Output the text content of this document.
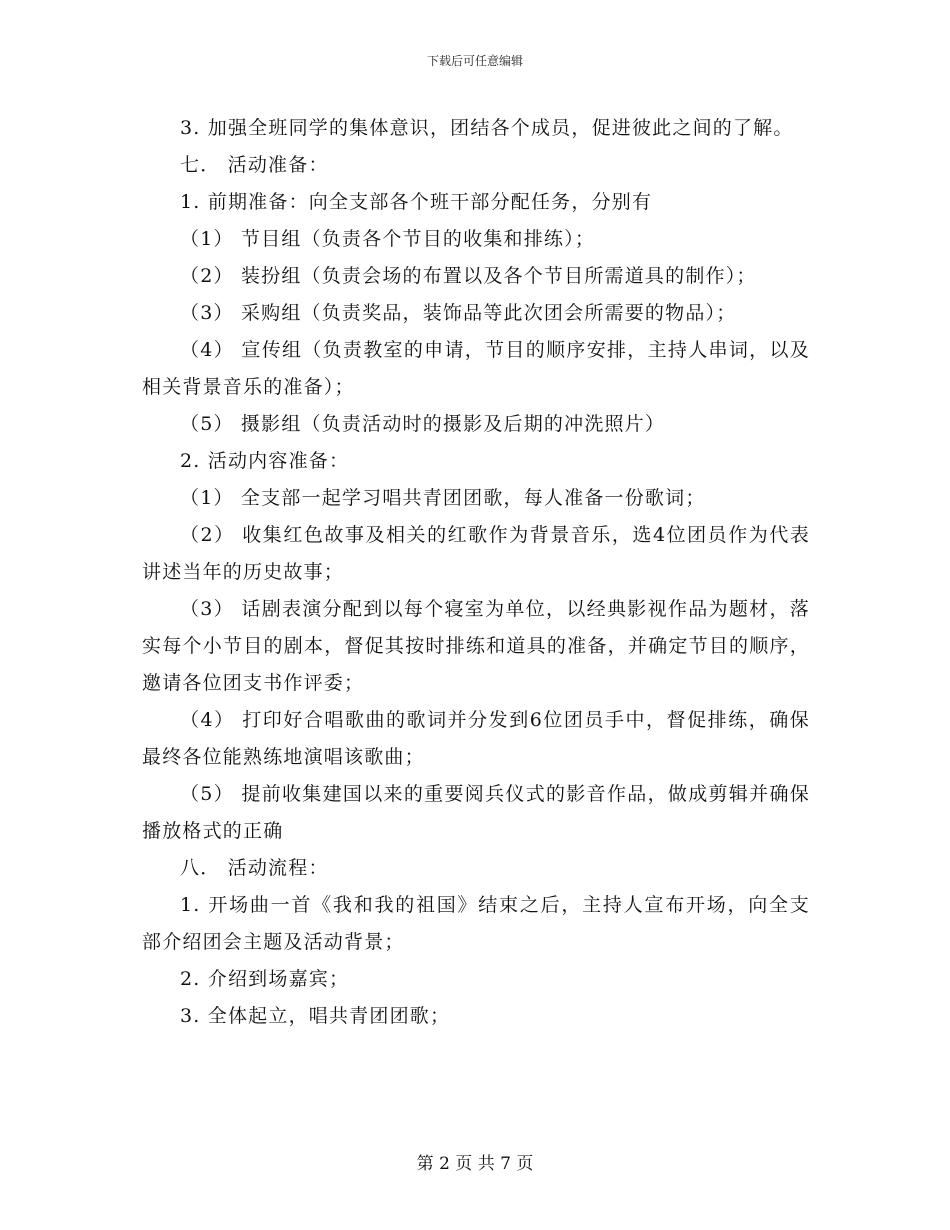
下载后可任意编辑

3. 加强全班同学的集体意识，团结各个成员，促进彼此之间的了解。

七． 活动准备：

1. 前期准备：向全支部各个班干部分配任务，分别有

（1） 节目组（负责各个节目的收集和排练）；

（2） 装扮组（负责会场的布置以及各个节目所需道具的制作）；

（3） 采购组（负责奖品，装饰品等此次团会所需要的物品）；

（4） 宣传组（负责教室的申请，节目的顺序安排，主持人串词，以及相关背景音乐的准备）；

（5） 摄影组（负责活动时的摄影及后期的冲洗照片）

2. 活动内容准备：

（1） 全支部一起学习唱共青团团歌，每人准备一份歌词；

（2） 收集红色故事及相关的红歌作为背景音乐，选4位团员作为代表讲述当年的历史故事；

（3） 话剧表演分配到以每个寝室为单位，以经典影视作品为题材，落实每个小节目的剧本，督促其按时排练和道具的准备，并确定节目的顺序，邀请各位团支书作评委；

（4） 打印好合唱歌曲的歌词并分发到6位团员手中，督促排练，确保最终各位能熟练地演唱该歌曲；

（5） 提前收集建国以来的重要阅兵仪式的影音作品，做成剪辑并确保播放格式的正确

八． 活动流程：

1. 开场曲一首《我和我的祖国》结束之后，主持人宣布开场，向全支部介绍团会主题及活动背景；

2. 介绍到场嘉宾；

3. 全体起立，唱共青团团歌；

第 2 页 共 7 页
